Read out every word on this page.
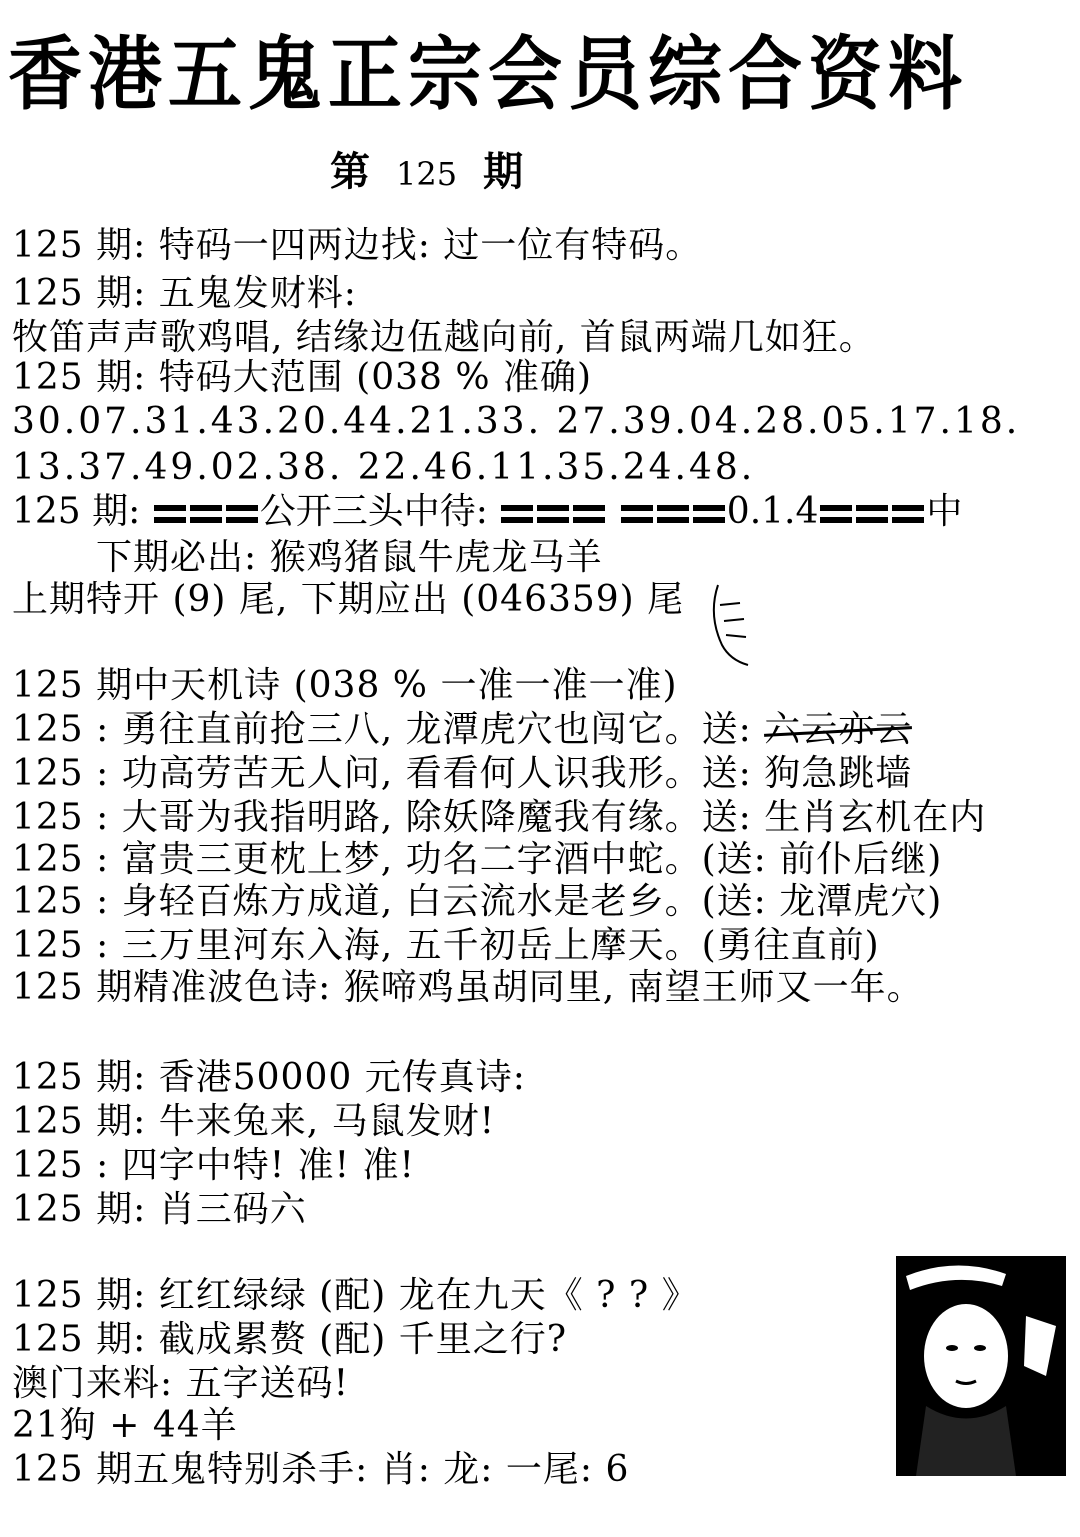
香港五鬼正宗会员综合资料
第 125 期
125 期: 特码一四两边找: 过一位有特码。
125 期: 五鬼发财料:
牧笛声声歌鸡唱, 结缘边伍越向前, 首鼠两端几如狂。
125 期: 特码大范围 (038 % 准确)
30.07.31.43.20.44.21.33. 27.39.04.28.05.17.18.
13.37.49.02.38. 22.46.11.35.24.48.
125 期:	公开三头中待:	0.1.4	中
下期必出: 猴鸡猪鼠牛虎龙马羊
上期特开 (9) 尾, 下期应出 (046359) 尾
125 期中天机诗 (038 % 一准一准一准)
125 : 勇往直前抢三八, 龙潭虎穴也闯它。送: 六云亦云
125 : 功高劳苦无人问, 看看何人识我形。送: 狗急跳墙
125 : 大哥为我指明路, 除妖降魔我有缘。送: 生肖玄机在内
125 : 富贵三更枕上梦, 功名二字酒中蛇。(送: 前仆后继)
125 : 身轻百炼方成道, 白云流水是老乡。(送: 龙潭虎穴)
125 : 三万里河东入海, 五千初岳上摩天。(勇往直前)
125 期精准波色诗: 猴啼鸡虽胡同里, 南望王师又一年。
125 期: 香港50000 元传真诗:
125 期: 牛来兔来, 马鼠发财!
125 : 四字中特! 准! 准!
125 期: 肖三码六
125 期: 红红绿绿 (配) 龙在九天《 ? ? 》
125 期: 截成累赘 (配) 千里之行?
澳门来料: 五字送码!
21狗 + 44羊
125 期五鬼特别杀手: 肖: 龙: 一尾: 6
